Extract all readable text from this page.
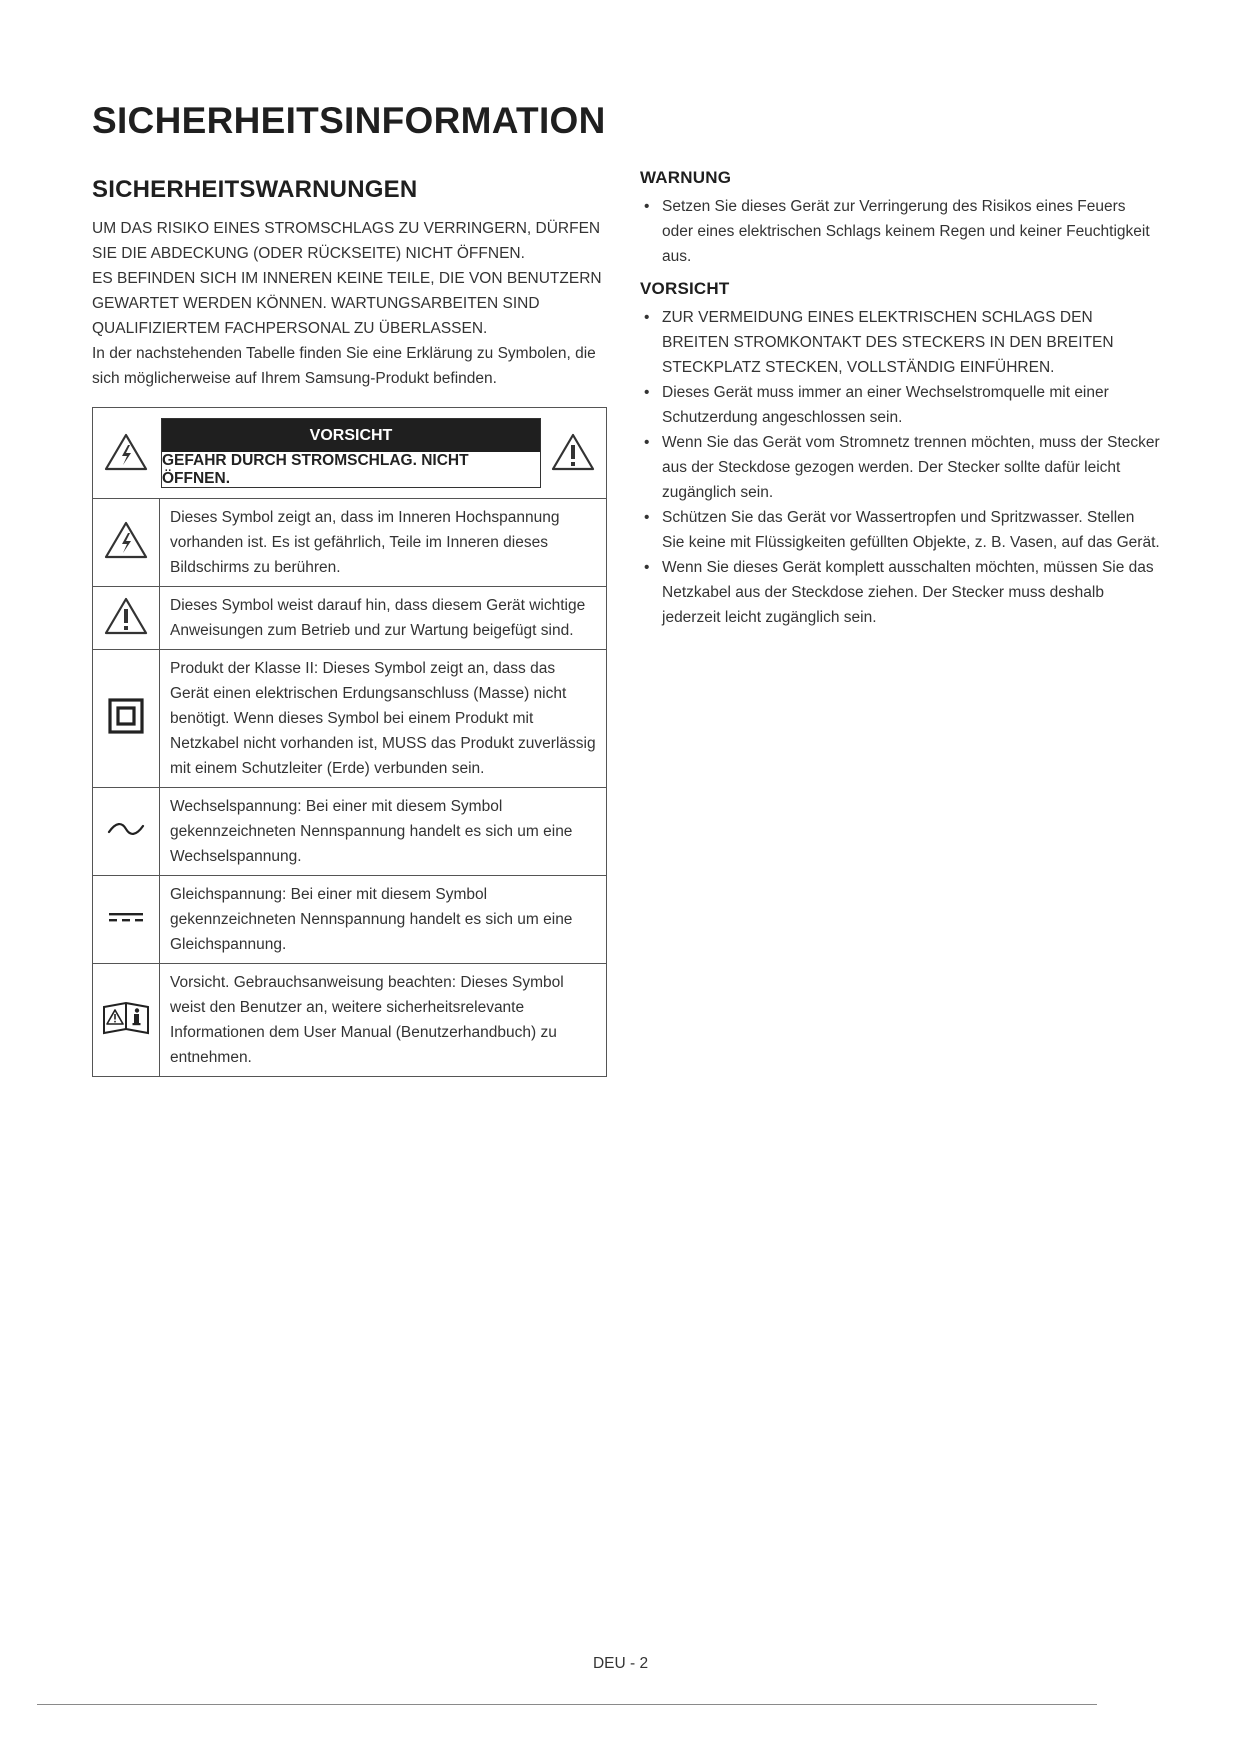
SICHERHEITSINFORMATION
SICHERHEITSWARNUNGEN

UM DAS RISIKO EINES STROMSCHLAGS ZU VERRINGERN, DÜRFEN SIE DIE ABDECKUNG (ODER RÜCKSEITE) NICHT ÖFFNEN.

ES BEFINDEN SICH IM INNEREN KEINE TEILE, DIE VON BENUTZERN GEWARTET WERDEN KÖNNEN. WARTUNGSARBEITEN SIND QUALIFIZIERTEM FACHPERSONAL ZU ÜBERLASSEN.

In der nachstehenden Tabelle finden Sie eine Erklärung zu Symbolen, die sich möglicherweise auf Ihrem Samsung-Produkt befinden.

VORSICHT
GEFAHR DURCH STROMSCHLAG. NICHT ÖFFNEN.	

	Dieses Symbol zeigt an, dass im Inneren Hochspannung vorhanden ist. Es ist gefährlich, Teile im Inneren dieses Bildschirms zu berühren.
	Dieses Symbol weist darauf hin, dass diesem Gerät wichtige Anweisungen zum Betrieb und zur Wartung beigefügt sind.
	Produkt der Klasse II: Dieses Symbol zeigt an, dass das Gerät einen elektrischen Erdungsanschluss (Masse) nicht benötigt. Wenn dieses Symbol bei einem Produkt mit Netzkabel nicht vorhanden ist, MUSS das Produkt zuverlässig mit einem Schutzleiter (Erde) verbunden sein.
	Wechselspannung: Bei einer mit diesem Symbol gekennzeichneten Nennspannung handelt es sich um eine Wechselspannung.
	Gleichspannung: Bei einer mit diesem Symbol gekennzeichneten Nennspannung handelt es sich um eine Gleichspannung.
	Vorsicht. Gebrauchsanweisung beachten: Dieses Symbol weist den Benutzer an, weitere sicherheitsrelevante Informationen dem User Manual (Benutzerhandbuch) zu entnehmen.
WARNUNG
• Setzen Sie dieses Gerät zur Verringerung des Risikos eines Feuers oder eines elektrischen Schlags keinem Regen und keiner Feuchtigkeit aus.
VORSICHT
• ZUR VERMEIDUNG EINES ELEKTRISCHEN SCHLAGS DEN BREITEN STROMKONTAKT DES STECKERS IN DEN BREITEN STECKPLATZ STECKEN, VOLLSTÄNDIG EINFÜHREN.
• Dieses Gerät muss immer an einer Wechselstromquelle mit einer Schutzerdung angeschlossen sein.
• Wenn Sie das Gerät vom Stromnetz trennen möchten, muss der Stecker aus der Steckdose gezogen werden. Der Stecker sollte dafür leicht zugänglich sein.
• Schützen Sie das Gerät vor Wassertropfen und Spritzwasser. Stellen Sie keine mit Flüssigkeiten gefüllten Objekte, z. B. Vasen, auf das Gerät.
• Wenn Sie dieses Gerät komplett ausschalten möchten, müssen Sie das Netzkabel aus der Steckdose ziehen. Der Stecker muss deshalb jederzeit leicht zugänglich sein.
DEU - 2
